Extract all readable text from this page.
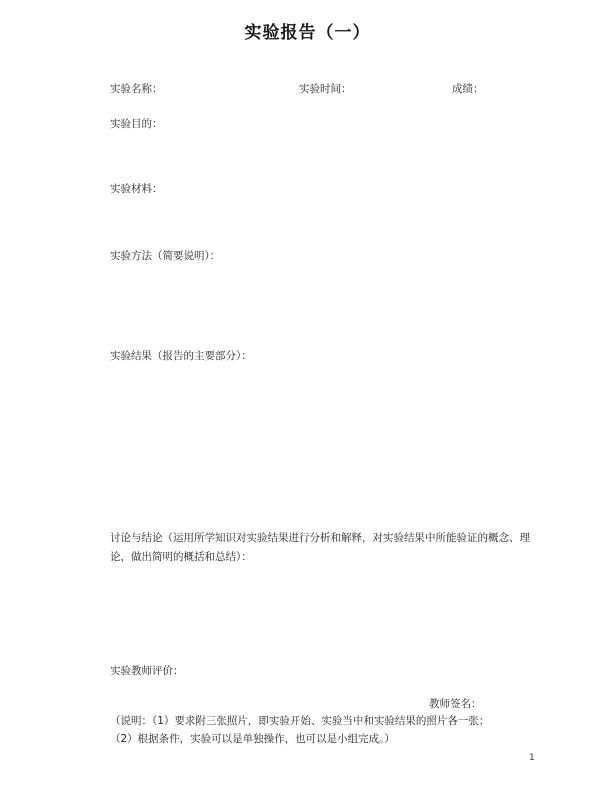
实验报告（一）
实验名称：	实验时间：	成绩：
实验目的：
实验材料：
实验方法（简要说明）：
实验结果（报告的主要部分）：
讨论与结论（运用所学知识对实验结果进行分析和解释，对实验结果中所能验证的概念、理论，做出简明的概括和总结）：
实验教师评价：
教师签名：
（说明：（1）要求附三张照片，即实验开始、实验当中和实验结果的照片各一张；
（2）根据条件，实验可以是单独操作，也可以是小组完成。）
1
